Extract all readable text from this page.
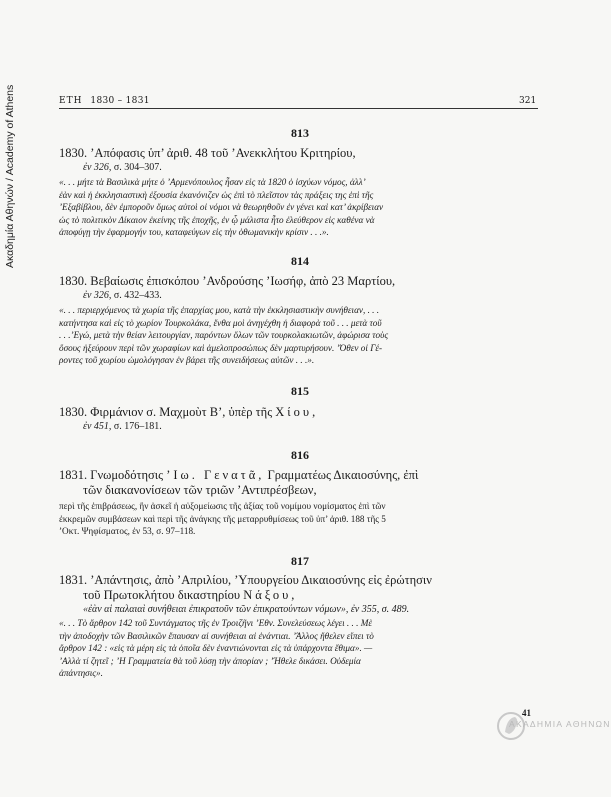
Ακαδημία Αθηνών / Academy of Athens	ΕΤΗ 1830 – 1831	321
813

1830. ’Απόφασις ὑπ’ ἀριθ. 48 τοῦ ’Ανεκκλήτου Κριτηρίου,

ἐν 326, σ. 304–307.

«. . . μήτε τὰ Βασιλικὰ μήτε ὁ ’Αρμενόπουλος ἦσαν εἰς τὰ 1820 ὁ ἰσχύων νόμος, ἀλλ’

ἐὰν καὶ ἡ ἐκκλησιαστικὴ ἐξουσία ἐκανόνιζεν ὡς ἐπὶ τὸ πλεῖστον τὰς πράξεις της ἐπὶ τῆς

’Εξαβίβλου, δὲν ἐμποροῦν ὅμως αὐτοὶ οἱ νόμοι νὰ θεωρηθοῦν ἐν γένει καὶ κατ’ ἀκρίβειαν

ὡς τὸ πολιτικὸν Δίκαιον ἐκείνης τῆς ἐποχῆς, ἐν ᾧ μάλιστα ἦτο ἐλεύθερον εἰς καθένα νὰ

ἀποφύγῃ τὴν ἐφαρμογήν του, καταφεύγων εἰς τὴν ὀθωμανικὴν κρίσιν . . .».

814

1830. Βεβαίωσις ἐπισκόπου ’Ανδρούσης ’Ιωσήφ, ἀπὸ 23 Μαρτίου,

ἐν 326, σ. 432–433.

«. . . περιερχόμενος τὰ χωρία τῆς ἐπαρχίας μου, κατὰ τὴν ἐκκλησιαστικὴν συνήθειαν, . . .

κατήντησα καὶ εἰς τὸ χωρίον Τουρκολάκα, ἔνθα μοὶ ἀνηγέχθη ἡ διαφορὰ τοῦ . . . μετὰ τοῦ

. . .’Εγώ, μετὰ τὴν θείαν λειτουργίαν, παρόντων ὅλων τῶν τουρκολακιωτῶν, ἀφώρισα τοὺς

ὅσους ἠξεύρουν περὶ τῶν χωραφίων καὶ ἀμελοπροσώπως δὲν μαρτυρήσουν. ’Όθεν οἱ Γέ-

ροντες τοῦ χωρίου ὡμολόγησαν ἐν βάρει τῆς συνειδήσεως αὐτῶν . . .».

815

1830. Φιρμάνιον σ. Μαχμοὺτ Β’, ὑπὲρ τῆς Χίου,

ἐν 451, σ. 176–181.

816

1831. Γνωμοδότησις ’Ιω. Γενατᾶ, Γραμματέως Δικαιοσύνης, ἐπὶ

τῶν διακανονίσεων τῶν τριῶν ’Αντιπρέσβεων,

περὶ τῆς ἐπιβράσεως, ἣν ἀσκεῖ ἡ αὐξομείωσις τῆς ἀξίας τοῦ νομίμου νομίσματος ἐπὶ τῶν

ἐκκρεμῶν συμβάσεων καὶ περὶ τῆς ἀνάγκης τῆς μεταρρυθμίσεως τοῦ ὑπ’ ἀριθ. 188 τῆς 5

’Οκτ. Ψηφίσματος, ἐν 53, σ. 97–118.

817

1831. ’Απάντησις, ἀπὸ ’Απριλίου, ’Υπουργείου Δικαιοσύνης εἰς ἐρώτησιν

τοῦ Πρωτοκλήτου δικαστηρίου Νάξου,

«ἐὰν αἱ παλαιαὶ συνήθειαι ἐπικρατοῦν τῶν ἐπικρατούντων νόμων», ἐν 355, σ. 489.

«. . . Τὸ ἄρθρον 142 τοῦ Συντάγματος τῆς ἐν Τροιζῆνι ’Εθν. Συνελεύσεως λέγει . . . Μὲ

τὴν ἀποδοχὴν τῶν Βασιλικῶν ἔπαυσαν αἱ συνήθειαι αἱ ἐνάντιαι. ’Άλλος ἤθελεν εἴπει τὸ

ἄρθρον 142 : «εἰς τὰ μέρη εἰς τὰ ὁποῖα δὲν ἐναντιώνονται εἰς τὰ ὑπάρχοντα ἔθιμα». —

’Αλλὰ τί ζητεῖ ; ’Η Γραμματεία θὰ τοῦ λύσῃ τὴν ἀπορίαν ; ’Ήθελε δικάσει. Οὐδεμία

ἀπάντησις».

41
ΑΚΑΔΗΜΙΑ ΑΘΗΝΩΝ
